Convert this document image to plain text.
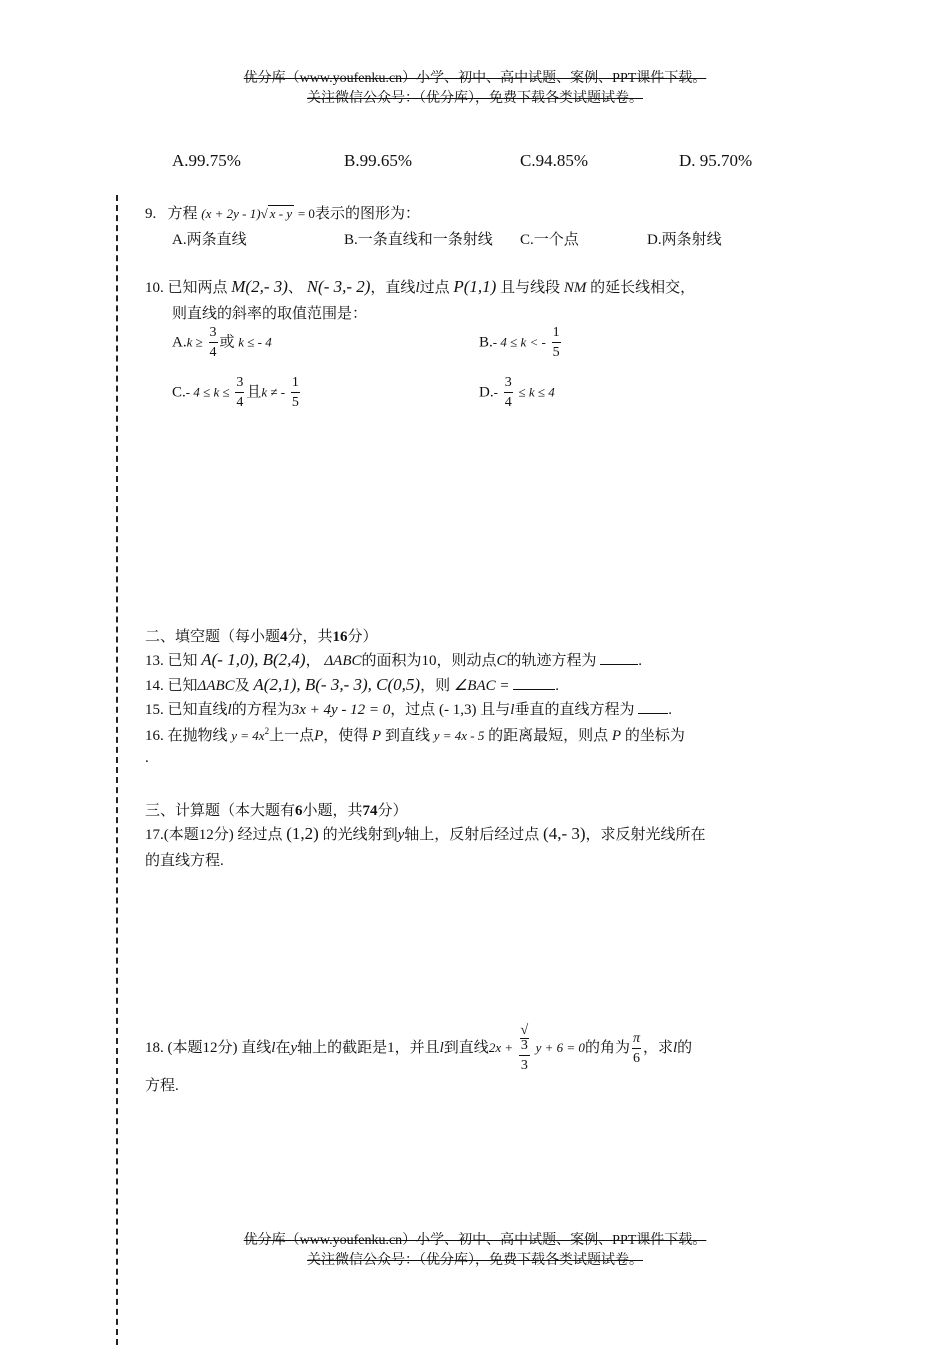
优分库（www.youfenku.cn）小学、初中、高中试题、案例、PPT课件下载。
关注微信公众号：（优分库），免费下载各类试题试卷。
A.99.75%	B.99.65%	C.94.85%	D. 95.70%
9. 方程 (x + 2y - 1)√ x - y = 0表示的图形为：
A.两条直线	B.一条直线和一条射线 C.一个点	D.两条射线
10. 已知两点 M(2,- 3)、 N(- 3,- 2)，直线l过点 P(1,1) 且与线段 NM 的延长线相交，
则直线的斜率的取值范围是：
$A.k \ge \frac{3}{4}$ 或 k ≤ - 4	B.- 4 ≤ k < - $\frac{1}{5}$
C.- $4 \le k \le \frac{3}{4}$ 且k ≠ - $\frac{1}{5}$	$D.- \frac{3}{4} \le k \le 4$
二、填空题（每小题4分，共16分）
13. 已知 A(- 1,0), B(2,4)， ΔABC的面积为10，则动点C的轨迹方程为	.
14. 已知ΔABC及 A(2,1), B(- 3,- 3), C(0,5)，则 ∠BAC =	.
15. 已知直线l的方程为3x + 4y - 12 = 0，过点 (- 1,3) 且与l垂直的直线方程为 .
16. 在抛物线 $y = 4x^2$上一点P，使得 P 到直线 y = 4x - 5 的距离最短，则点 P 的坐标为
.
三、计算题（本大题有6小题，共74分）
17.(本题12分) 经过点 (1,2) 的光线射到y轴上，反射后经过点 (4,- 3)，求反射光线所在
的直线方程.
18. (本题12分) 直线l在y轴上的截距是1，并且l到直线2x + √
3
3 y + 6 = 0的角为 $\frac{\pi}{6}$ ，求l的
方程.
优分库（www.youfenku.cn）小学、初中、高中试题、案例、PPT课件下载。
关注微信公众号：（优分库），免费下载各类试题试卷。
